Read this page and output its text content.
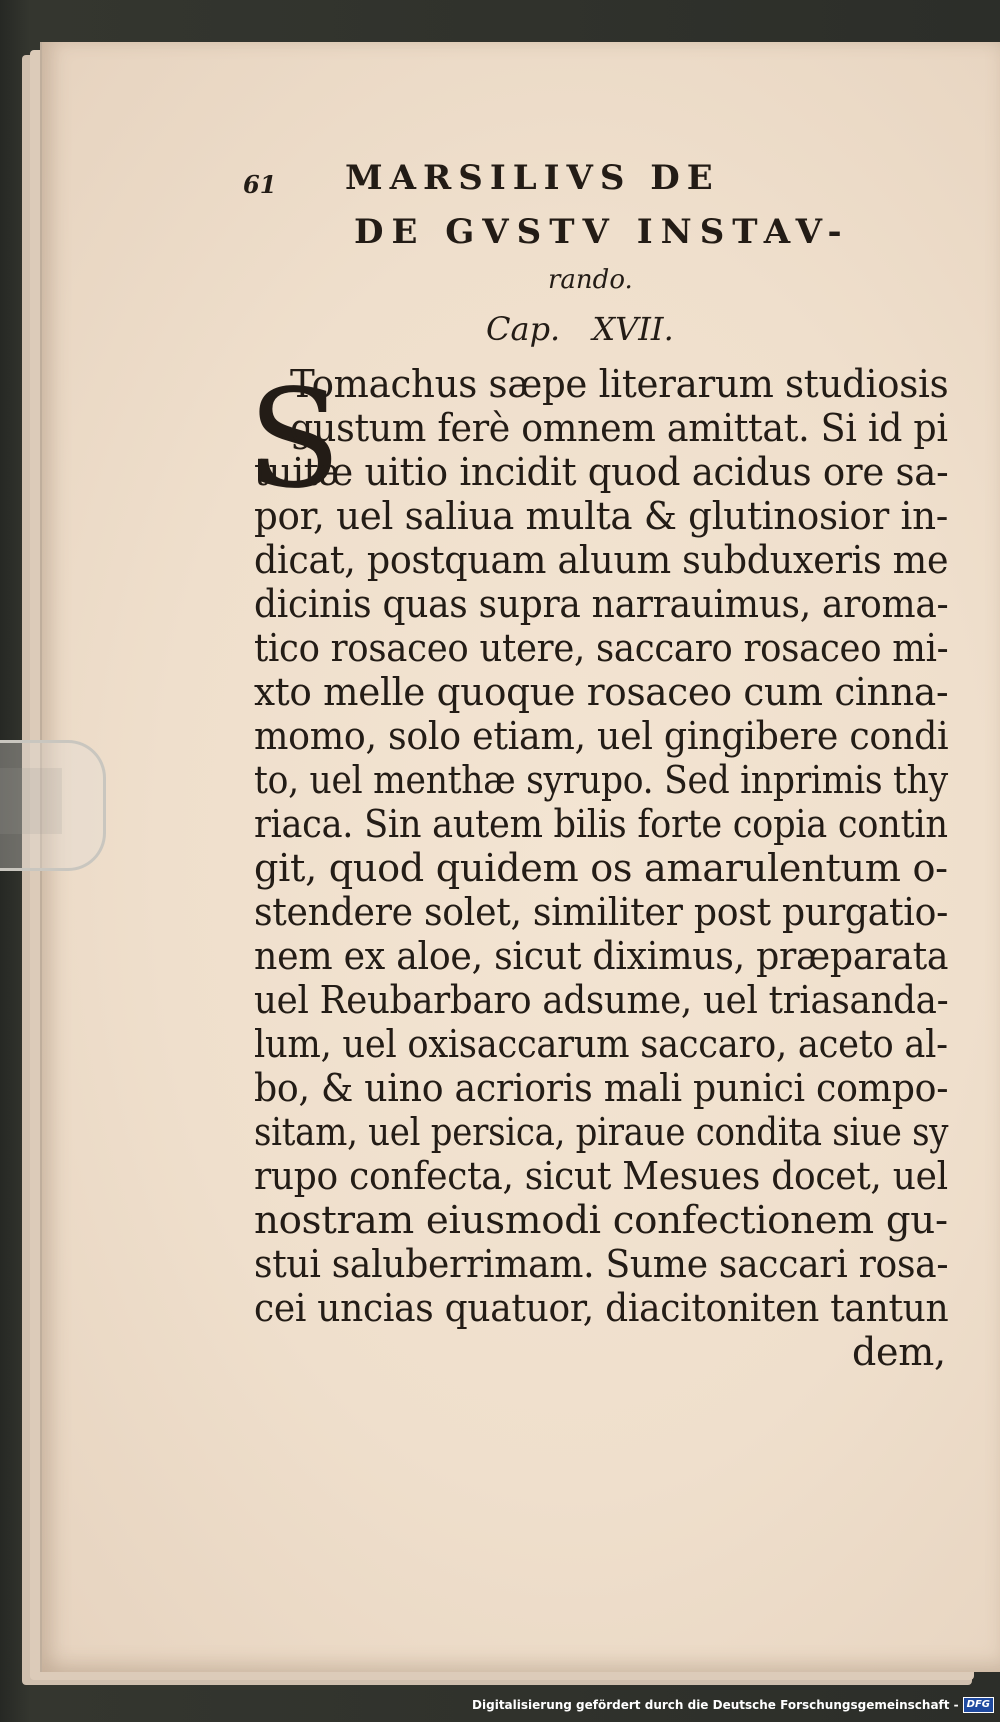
61 MARSILIVS DE
DE GVSTV INSTAV-
rando.
Cap. XVII.
S
Tomachus sæpe literarum studiosis
gustum ferè omnem amittat. Si id pi
tuitæ uitio incidit quod acidus ore sa-
por, uel saliua multa & glutinosior in-
dicat, postquam aluum subduxeris me
dicinis quas supra narrauimus, aroma-
tico rosaceo utere, saccaro rosaceo mi-
xto melle quoque rosaceo cum cinna-
momo, solo etiam, uel gingibere condi
to, uel menthæ syrupo. Sed inprimis thy
riaca. Sin autem bilis forte copia contin
git, quod quidem os amarulentum o-
stendere solet, similiter post purgatio-
nem ex aloe, sicut diximus, præparata
uel Reubarbaro adsume, uel triasanda-
lum, uel oxisaccarum saccaro, aceto al-
bo, & uino acrioris mali punici compo-
sitam, uel persica, piraue condita siue sy
rupo confecta, sicut Mesues docet, uel
nostram eiusmodi confectionem gu-
stui saluberrimam. Sume saccari rosa-
cei uncias quatuor, diacitoniten tantun
dem,
Digitalisierung gefördert durch die Deutsche Forschungsgemeinschaft - DFG
